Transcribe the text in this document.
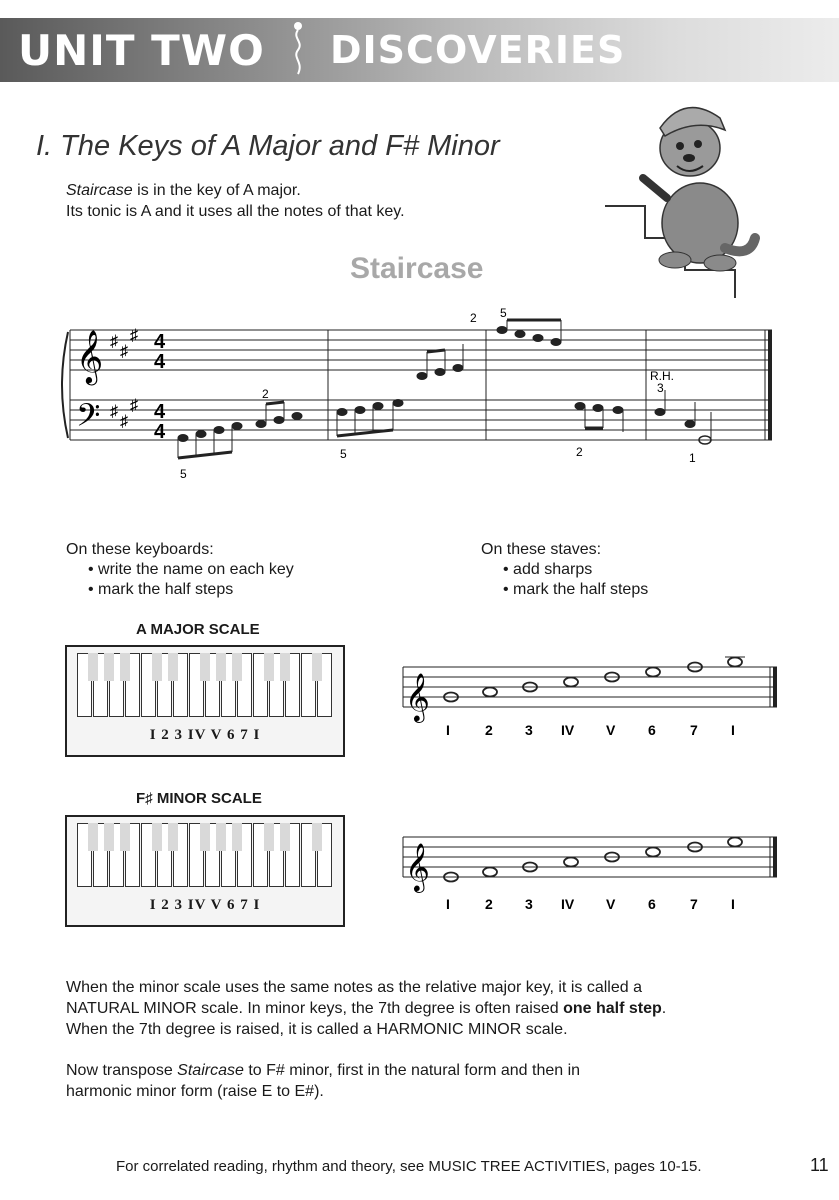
UNIT TWO DISCOVERIES
I. The Keys of A Major and F# Minor
Staircase is in the key of A major.
Its tonic is A and it uses all the notes of that key.
Staircase
𝄞
𝄢
♯
♯
♯
♯
♯
♯
4
4
4
4
2 5
2
5
5	2	1
3
R.H.
On these keyboards:
• write the name on each key
• mark the half steps
On these staves:
• add sharps
• mark the half steps
A MAJOR SCALE
I 2 3 IV V 6 7 I
𝄞
I	2 3 IV V 6 7 I
F♯ MINOR SCALE
I 2 3 IV V 6 7 I
𝄞
I	2 3 IV V 6 7 I
When the minor scale uses the same notes as the relative major key, it is called a
NATURAL MINOR scale. In minor keys, the 7th degree is often raised one half step.
When the 7th degree is raised, it is called a HARMONIC MINOR scale.
Now transpose Staircase to F# minor, first in the natural form and then in
harmonic minor form (raise E to E#).
For correlated reading, rhythm and theory, see MUSIC TREE ACTIVITIES, pages 10-15.	11
